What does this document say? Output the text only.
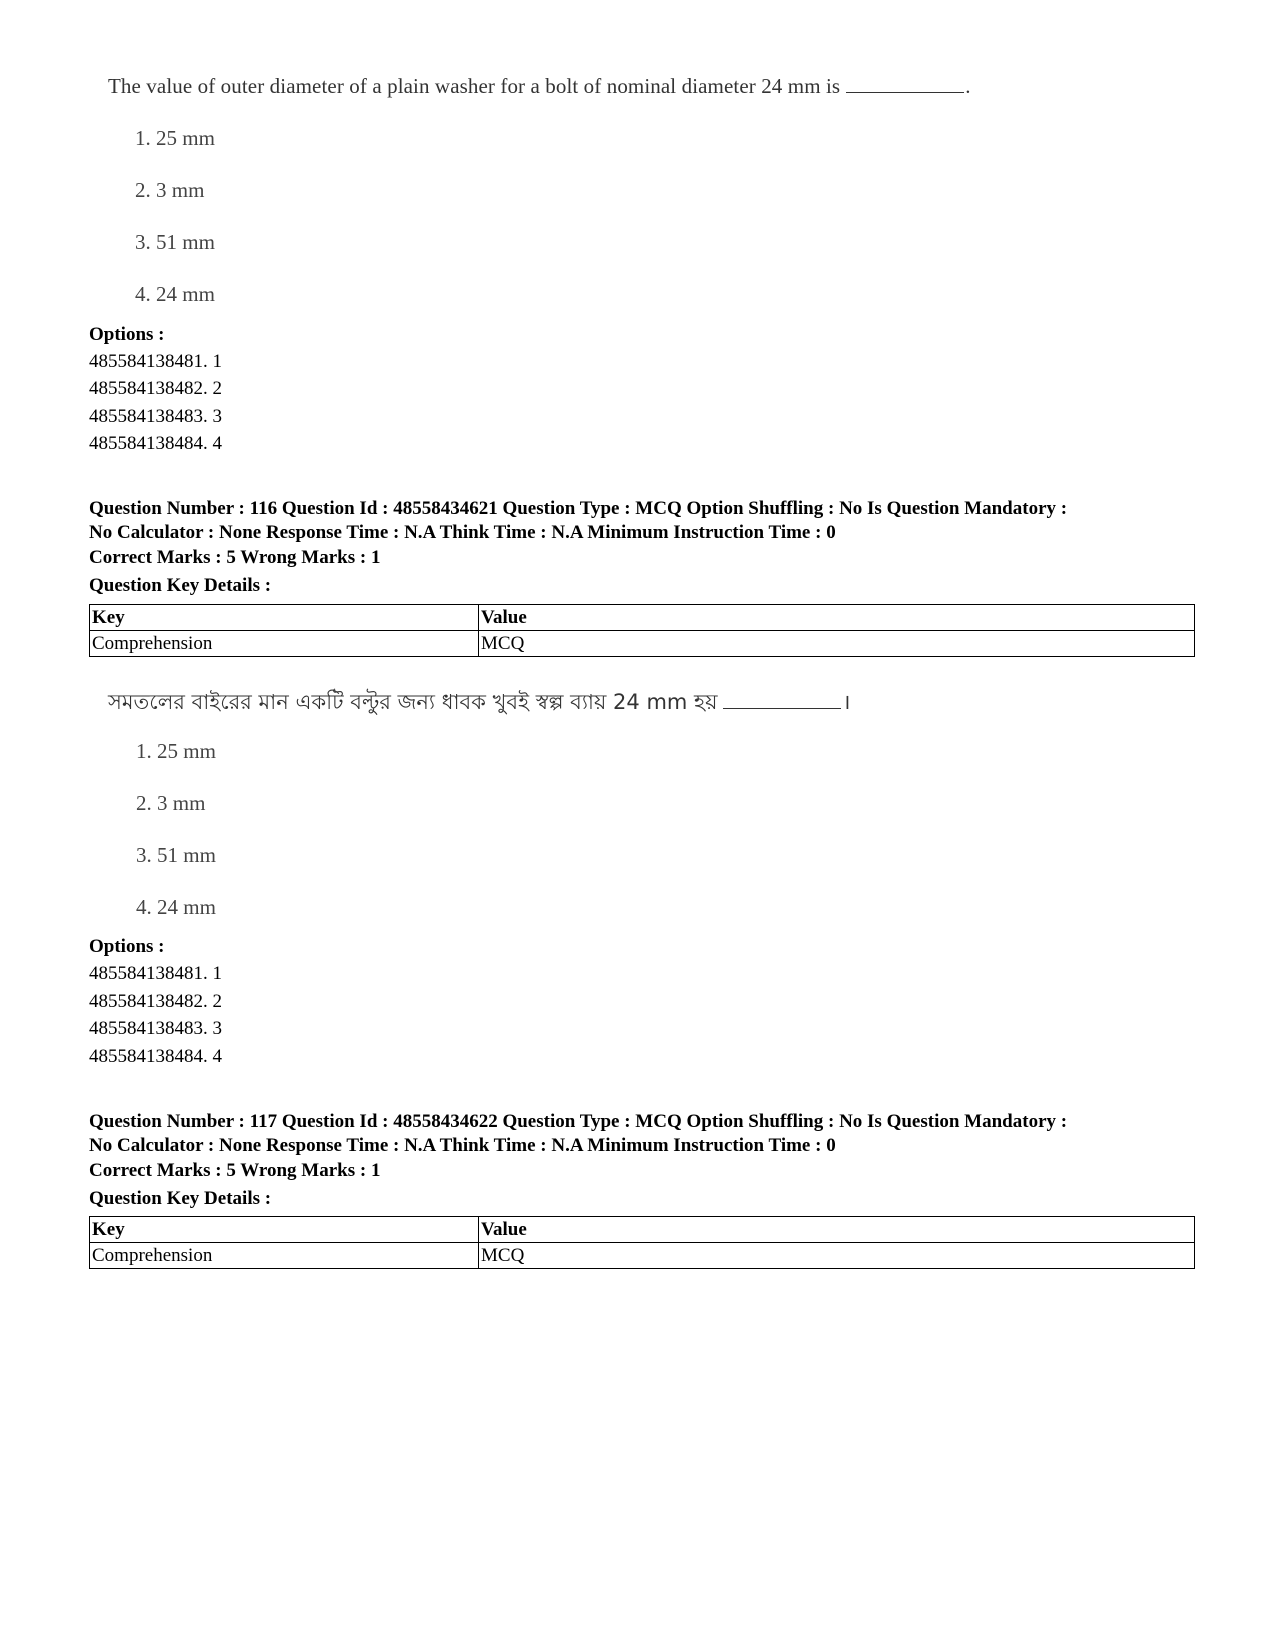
The value of outer diameter of a plain washer for a bolt of nominal diameter 24 mm is	.
1. 25 mm
2. 3 mm
3. 51 mm
4. 24 mm
Options :
485584138481. 1
485584138482. 2
485584138483. 3
485584138484. 4
Question Number : 116 Question Id : 48558434621 Question Type : MCQ Option Shuffling : No Is Question Mandatory :
No Calculator : None Response Time : N.A Think Time : N.A Minimum Instruction Time : 0
Correct Marks : 5 Wrong Marks : 1
Question Key Details :
Key	Value
Comprehension	MCQ
সমতলের বাইরের মান একটি বল্টুর জন্য ধাবক খুবই স্বল্প ব্যায় 24 mm হয়	।
1. 25 mm
2. 3 mm
3. 51 mm
4. 24 mm
Options :
485584138481. 1
485584138482. 2
485584138483. 3
485584138484. 4
Question Number : 117 Question Id : 48558434622 Question Type : MCQ Option Shuffling : No Is Question Mandatory :
No Calculator : None Response Time : N.A Think Time : N.A Minimum Instruction Time : 0
Correct Marks : 5 Wrong Marks : 1
Question Key Details :
Key	Value
Comprehension	MCQ
